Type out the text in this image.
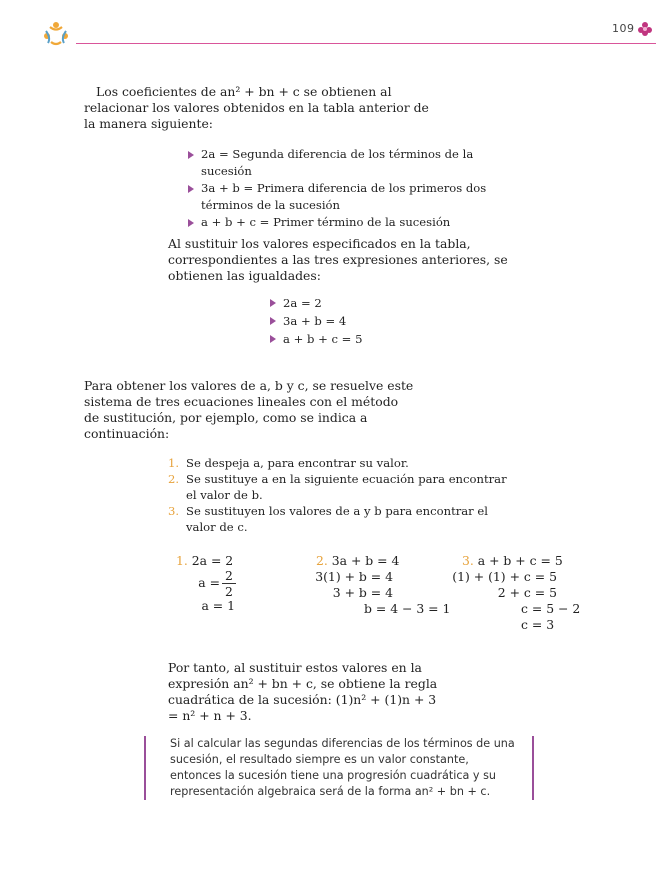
109

Los coeficientes de an² + bn + c se obtienen al relacionar los valores obtenidos en la tabla anterior de la manera siguiente:

2a = Segunda diferencia de los términos de la sucesión
3a + b = Primera diferencia de los primeros dos términos de la sucesión
a + b + c = Primer término de la sucesión

Al sustituir los valores especificados en la tabla, correspondientes a las tres expresiones anteriores, se obtienen las igualdades:

2a = 2
3a + b = 4
a + b + c = 5

Para obtener los valores de a, b y c, se resuelve este sistema de tres ecuaciones lineales con el método de sustitución, por ejemplo, como se indica a continuación:

1. Se despeja a, para encontrar su valor.
2. Se sustituye a en la siguiente ecuación para encontrar el valor de b.
3. Se sustituyen los valores de a y b para encontrar el valor de c.
1. 2a = 2
a = 2
2
a = 1
2. 3a + b = 4
3(1) + b = 4
3 + b = 4
b = 4 − 3 = 1
3. a + b + c = 5
(1) + (1) + c = 5
2 + c = 5
c = 5 − 2
c = 3

Por tanto, al sustituir estos valores en la expresión an² + bn + c, se obtiene la regla cuadrática de la sucesión: (1)n² + (1)n + 3 = n² + n + 3.

Si al calcular las segundas diferencias de los términos de una sucesión, el resultado siempre es un valor constante, entonces la sucesión tiene una progresión cuadrática y su representación algebraica será de la forma an² + bn + c.
